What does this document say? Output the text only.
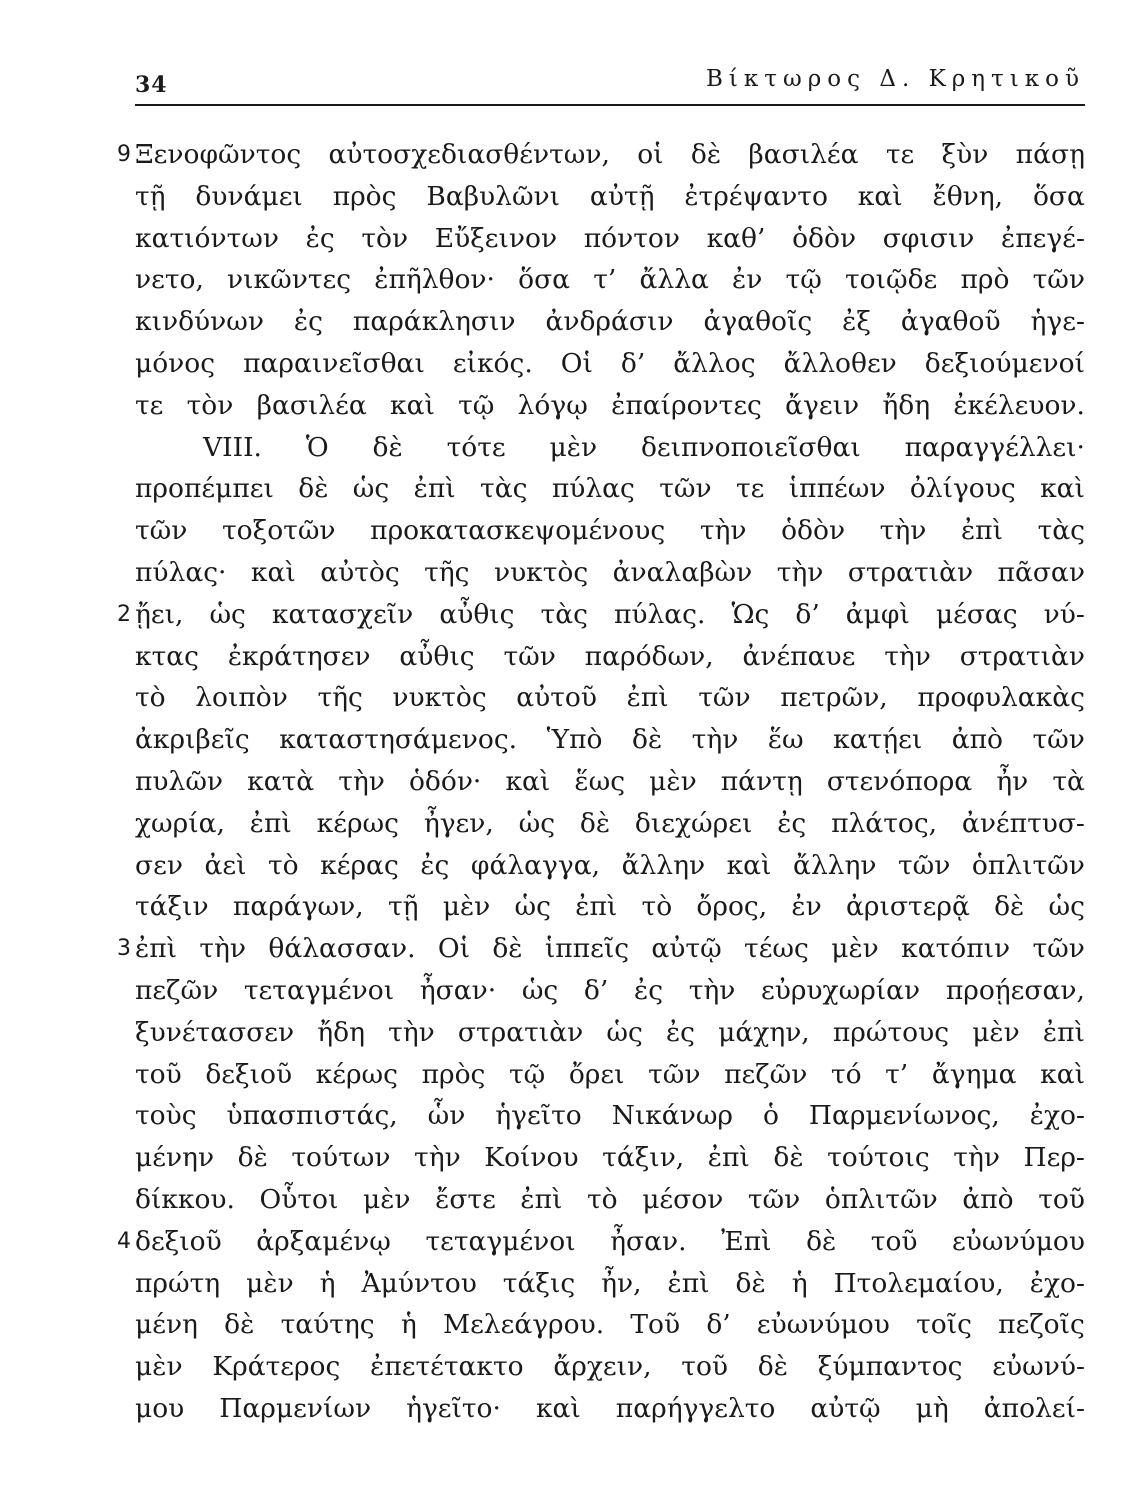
34	Βίκτωρος Δ. Κρητικοῦ
9 Ξενοφῶντος αὐτοσχεδιασθέντων, οἱ δὲ βασιλέα τε ξὺν πάσῃ
τῇ δυνάμει πρὸς Βαβυλῶνι αὐτῇ ἐτρέψαντο καὶ ἔθνη, ὅσα
κατιόντων ἐς τὸν Εὔξεινον πόντον καθ’ ὁδὸν σφισιν ἐπεγέ-
νετο, νικῶντες ἐπῆλθον· ὅσα τ’ ἄλλα ἐν τῷ τοιῷδε πρὸ τῶν
κινδύνων ἐς παράκλησιν ἀνδράσιν ἀγαθοῖς ἐξ ἀγαθοῦ ἡγε-
μόνος παραινεῖσθαι εἰκός. Οἱ δ’ ἄλλος ἄλλοθεν δεξιούμενοί
τε τὸν βασιλέα καὶ τῷ λόγῳ ἐπαίροντες ἄγειν ἤδη ἐκέλευον.
VIII. Ὁ δὲ τότε μὲν δειπνοποιεῖσθαι παραγγέλλει·
προπέμπει δὲ ὡς ἐπὶ τὰς πύλας τῶν τε ἱππέων ὀλίγους καὶ
τῶν τοξοτῶν προκατασκεψομένους τὴν ὁδὸν τὴν ἐπὶ τὰς
πύλας· καὶ αὐτὸς τῆς νυκτὸς ἀναλαβὼν τὴν στρατιὰν πᾶσαν
2 ᾔει, ὡς κατασχεῖν αὖθις τὰς πύλας. Ὡς δ’ ἀμφὶ μέσας νύ-
κτας ἐκράτησεν αὖθις τῶν παρόδων, ἀνέπαυε τὴν στρατιὰν
τὸ λοιπὸν τῆς νυκτὸς αὐτοῦ ἐπὶ τῶν πετρῶν, προφυλακὰς
ἀκριβεῖς καταστησάμενος. Ὑπὸ δὲ τὴν ἕω κατῄει ἀπὸ τῶν
πυλῶν κατὰ τὴν ὁδόν· καὶ ἕως μὲν πάντῃ στενόπορα ἦν τὰ
χωρία, ἐπὶ κέρως ἦγεν, ὡς δὲ διεχώρει ἐς πλάτος, ἀνέπτυσ-
σεν ἀεὶ τὸ κέρας ἐς φάλαγγα, ἄλλην καὶ ἄλλην τῶν ὁπλιτῶν
τάξιν παράγων, τῇ μὲν ὡς ἐπὶ τὸ ὄρος, ἐν ἀριστερᾷ δὲ ὡς
3 ἐπὶ τὴν θάλασσαν. Οἱ δὲ ἱππεῖς αὐτῷ τέως μὲν κατόπιν τῶν
πεζῶν τεταγμένοι ἦσαν· ὡς δ’ ἐς τὴν εὐρυχωρίαν προῄεσαν,
ξυνέτασσεν ἤδη τὴν στρατιὰν ὡς ἐς μάχην, πρώτους μὲν ἐπὶ
τοῦ δεξιοῦ κέρως πρὸς τῷ ὄρει τῶν πεζῶν τό τ’ ἄγημα καὶ
τοὺς ὑπασπιστάς, ὧν ἡγεῖτο Νικάνωρ ὁ Παρμενίωνος, ἐχο-
μένην δὲ τούτων τὴν Κοίνου τάξιν, ἐπὶ δὲ τούτοις τὴν Περ-
δίκκου. Οὗτοι μὲν ἔστε ἐπὶ τὸ μέσον τῶν ὁπλιτῶν ἀπὸ τοῦ
4 δεξιοῦ ἀρξαμένῳ τεταγμένοι ἦσαν. Ἐπὶ δὲ τοῦ εὐωνύμου
πρώτη μὲν ἡ Ἀμύντου τάξις ἦν, ἐπὶ δὲ ἡ Πτολεμαίου, ἐχο-
μένη δὲ ταύτης ἡ Μελεάγρου. Τοῦ δ’ εὐωνύμου τοῖς πεζοῖς
μὲν Κράτερος ἐπετέτακτο ἄρχειν, τοῦ δὲ ξύμπαντος εὐωνύ-
μου Παρμενίων ἡγεῖτο· καὶ παρήγγελτο αὐτῷ μὴ ἀπολεί-
